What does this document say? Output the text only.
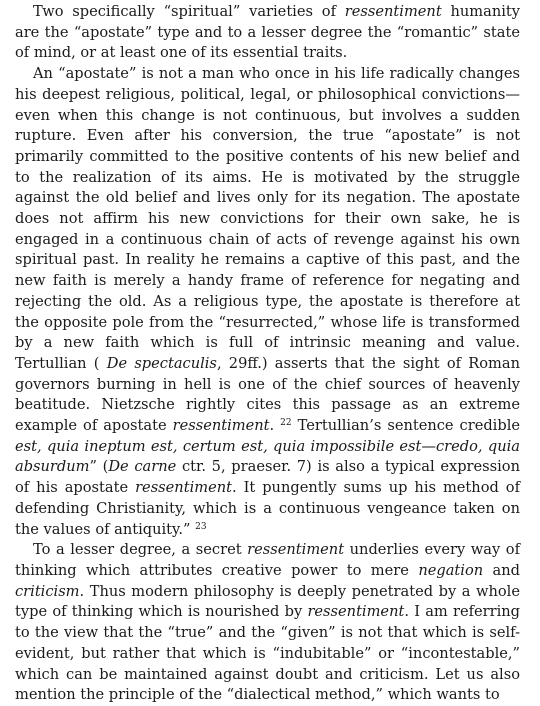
Two specifically “spiritual” varieties of ressentiment humanity are the “apostate” type and to a lesser degree the “romantic” state of mind, or at least one of its essential traits.

An “apostate” is not a man who once in his life radically changes his deepest religious, political, legal, or philosophical convictions—even when this change is not continuous, but involves a sudden rupture. Even after his conversion, the true “apostate” is not primarily committed to the positive contents of his new belief and to the realization of its aims. He is motivated by the struggle against the old belief and lives only for its negation. The apostate does not affirm his new convictions for their own sake, he is engaged in a continuous chain of acts of revenge against his own spiritual past. In reality he remains a captive of this past, and the new faith is merely a handy frame of reference for negating and rejecting the old. As a religious type, the apostate is therefore at the opposite pole from the “resurrected,” whose life is transformed by a new faith which is full of intrinsic meaning and value. Tertullian ( De spectaculis, 29ff.) asserts that the sight of Roman governors burning in hell is one of the chief sources of heavenly beatitude. Nietzsche rightly cites this passage as an extreme example of apostate ressentiment. $^{22}$ Tertullian’s sentence credible est, quia ineptum est, certum est, quia impossibile est—credo, quia absurdum” (De carne ctr. 5, praeser. 7) is also a typical expression of his apostate ressentiment. It pungently sums up his method of defending Christianity, which is a continuous vengeance taken on the values of antiquity.” $^{23}$

To a lesser degree, a secret ressentiment underlies every way of thinking which attributes creative power to mere negation and criticism. Thus modern philosophy is deeply penetrated by a whole type of thinking which is nourished by ressentiment. I am referring to the view that the “true” and the “given” is not that which is self-evident, but rather that which is “indubitable” or “incontestable,” which can be maintained against doubt and criticism. Let us also mention the principle of the “dialectical method,” which wants to
